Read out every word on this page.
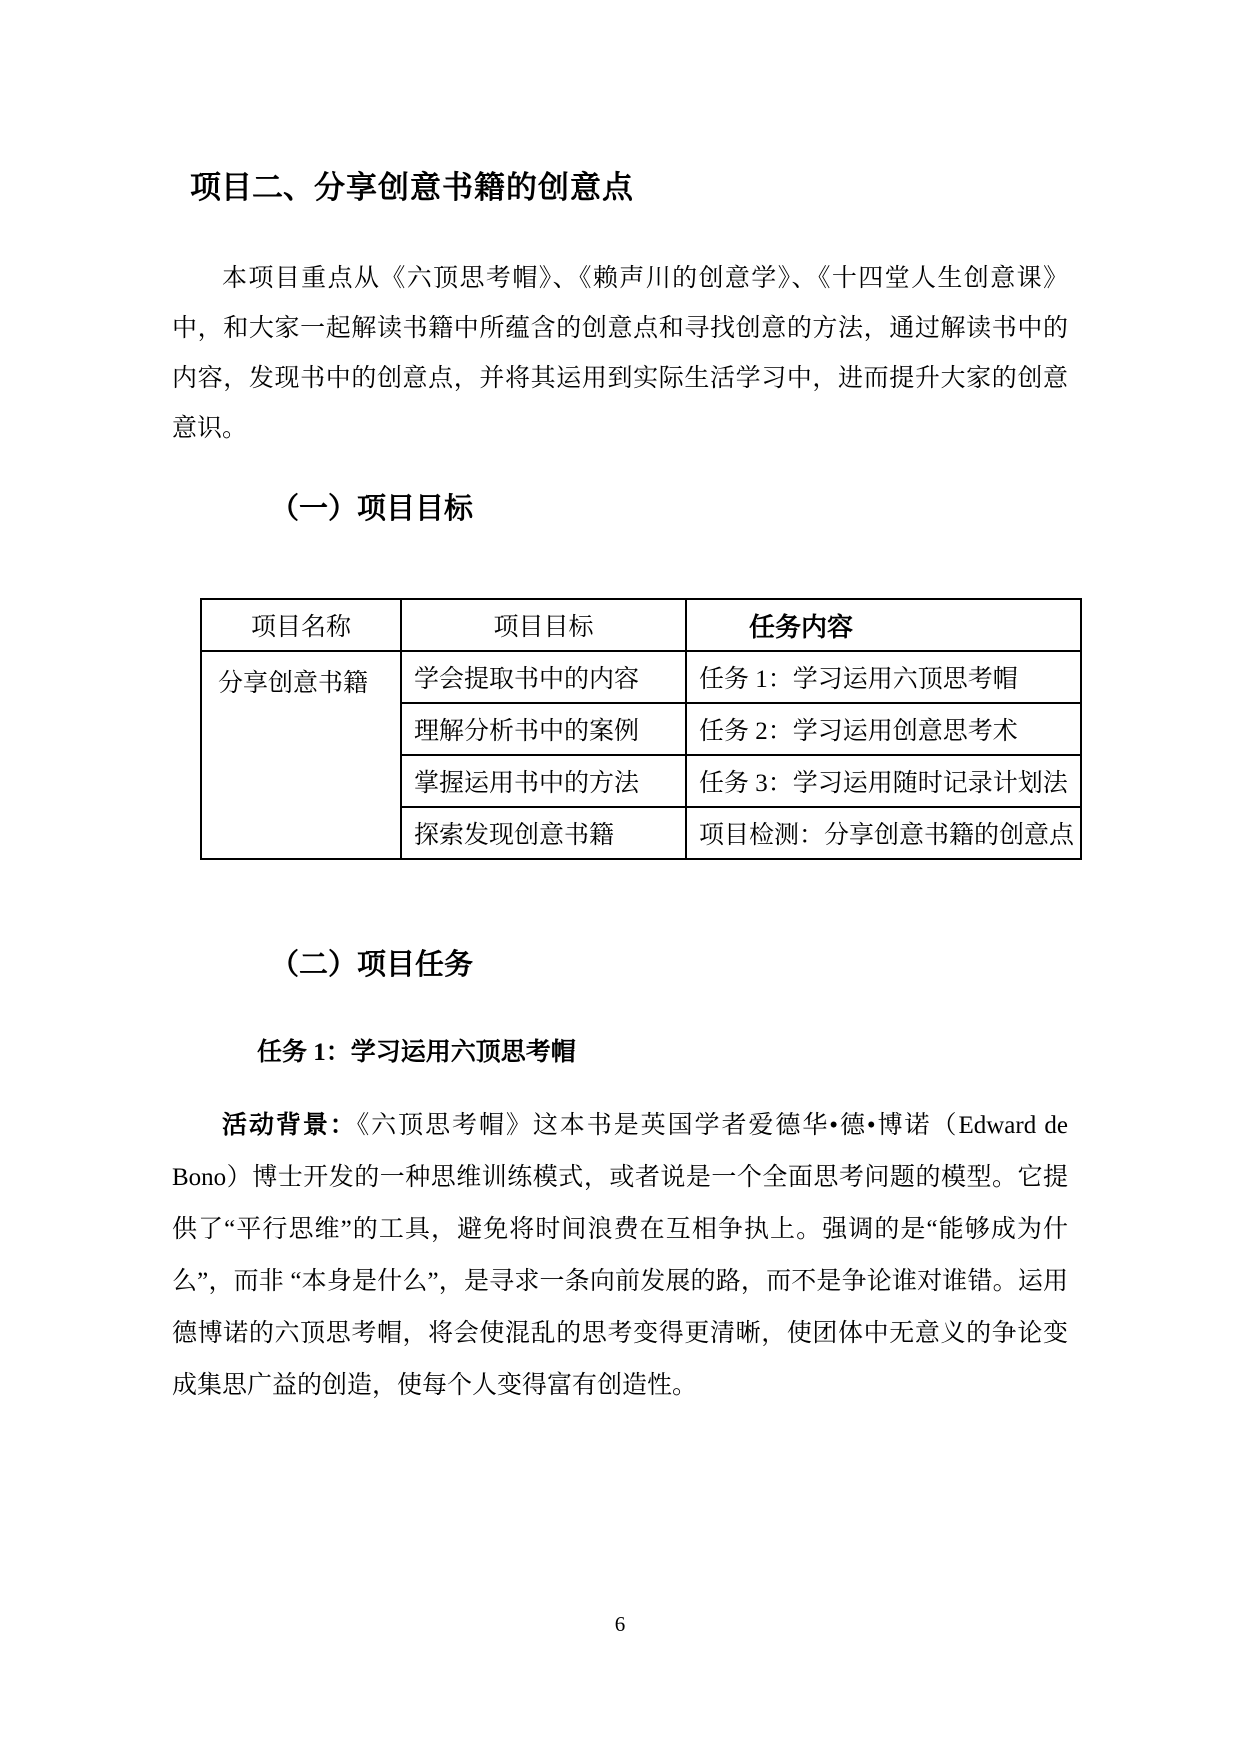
项目二、分享创意书籍的创意点

本项目重点从《六顶思考帽》、《赖声川的创意学》、《十四堂人生创意课》中，和大家一起解读书籍中所蕴含的创意点和寻找创意的方法，通过解读书中的内容，发现书中的创意点，并将其运用到实际生活学习中，进而提升大家的创意意识。

（一）项目目标
项目名称	项目目标	任务内容
分享创意书籍	学会提取书中的内容	任务 1：学习运用六顶思考帽
	理解分析书中的案例	任务 2：学习运用创意思考术
	掌握运用书中的方法	任务 3：学习运用随时记录计划法
	探索发现创意书籍	项目检测：分享创意书籍的创意点
（二）项目任务
任务 1：学习运用六顶思考帽

活动背景：《六顶思考帽》这本书是英国学者爱德华•德•博诺（Edward de Bono）博士开发的一种思维训练模式，或者说是一个全面思考问题的模型。它提供了“平行思维”的工具，避免将时间浪费在互相争执上。强调的是“能够成为什么”，而非 “本身是什么”，是寻求一条向前发展的路，而不是争论谁对谁错。运用德博诺的六顶思考帽，将会使混乱的思考变得更清晰，使团体中无意义的争论变成集思广益的创造，使每个人变得富有创造性。

6
